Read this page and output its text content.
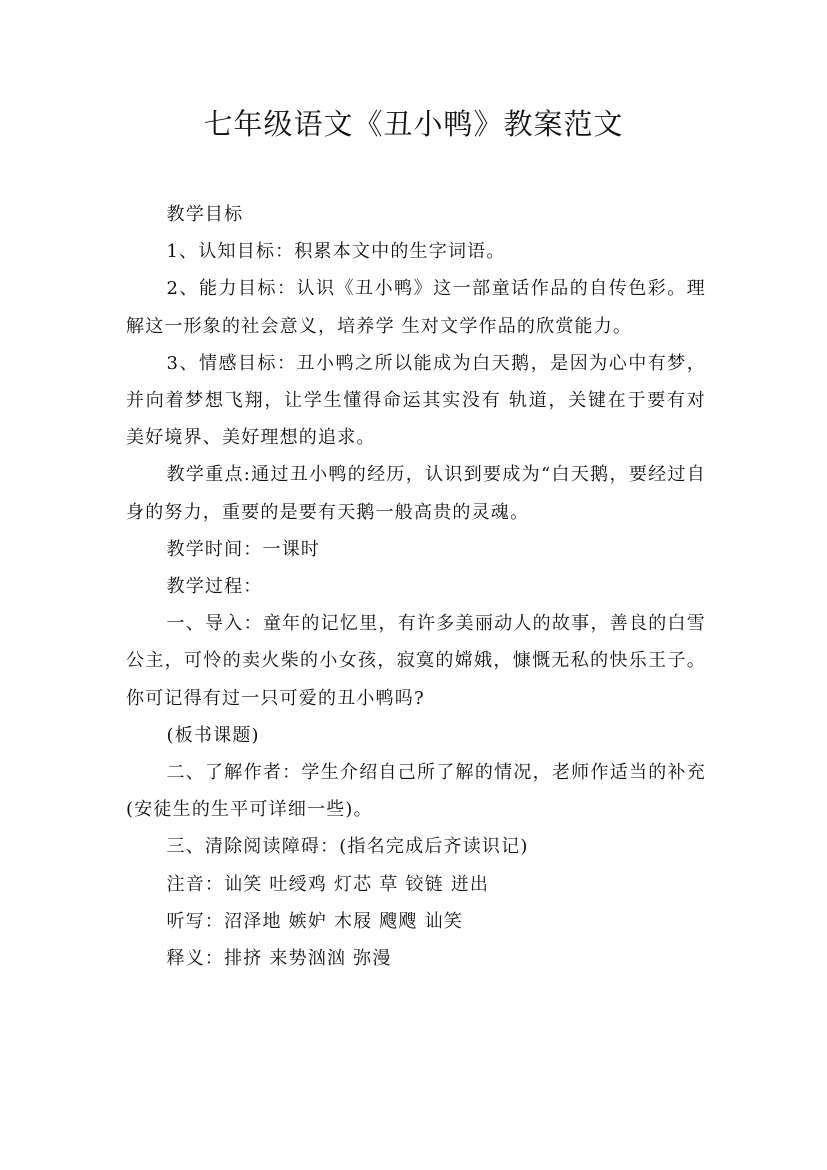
七年级语文《丑小鸭》教案范文

教学目标

1、认知目标：积累本文中的生字词语。

2、能力目标：认识《丑小鸭》这一部童话作品的自传色彩。理解这一形象的社会意义，培养学 生对文学作品的欣赏能力。

3、情感目标：丑小鸭之所以能成为白天鹅，是因为心中有梦，并向着梦想飞翔，让学生懂得命运其实没有 轨道，关键在于要有对美好境界、美好理想的追求。

教学重点:通过丑小鸭的经历，认识到要成为“白天鹅，要经过自身的努力，重要的是要有天鹅一般高贵的灵魂。

教学时间：一课时

教学过程：

一、导入：童年的记忆里，有许多美丽动人的故事，善良的白雪公主，可怜的卖火柴的小女孩，寂寞的嫦娥，慷慨无私的快乐王子。你可记得有过一只可爱的丑小鸭吗?

(板书课题)

二、了解作者：学生介绍自己所了解的情况，老师作适当的补充(安徒生的生平可详细一些)。

三、清除阅读障碍：(指名完成后齐读识记)

注音：讪笑 吐绶鸡 灯芯 草 铰链 迸出

听写：沼泽地 嫉妒 木屐 飕飕 讪笑

释义：排挤 来势汹汹 弥漫
